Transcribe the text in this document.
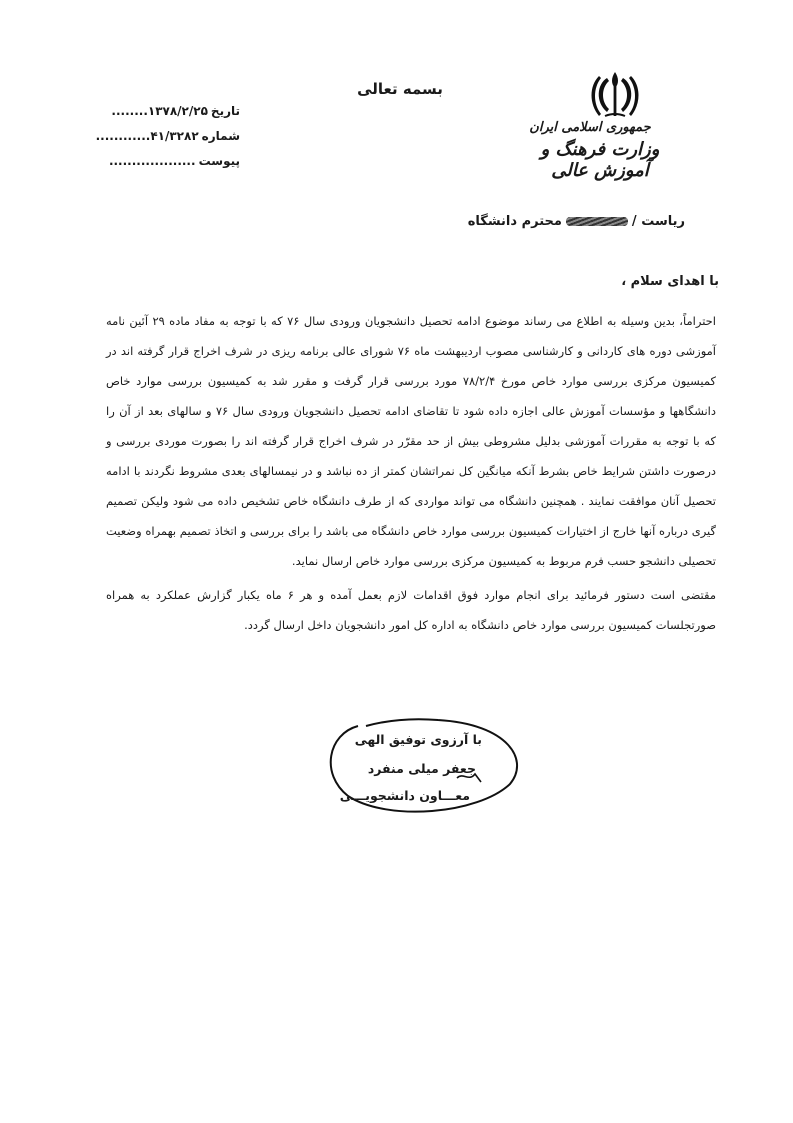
بسمه تعالی
تاریخ
۱۳۷۸/۲/۲۵........
شماره
۴۱/۳۲۸۲............
پیوست
...................
جمهوری اسلامی ایران
وزارت فرهنگ و آموزش عالی
ریاست /محترم دانشگاه
با اهدای سلام ،

احتراماً، بدین وسیله به اطلاع می رساند موضوع ادامه تحصیل دانشجویان ورودی سال ۷۶ که با توجه به مفاد ماده ۲۹ آئین نامه آموزشی دوره های کاردانی و کارشناسی مصوب اردیبهشت ماه ۷۶ شورای عالی برنامه ریزی در شرف اخراج قرار گرفته اند در کمیسیون مرکزی بررسی موارد خاص مورخ ۷۸/۲/۴ مورد بررسی قرار گرفت و مقرر شد به کمیسیون بررسی موارد خاص دانشگاهها و مؤسسات آموزش عالی اجازه داده شود تا تقاضای ادامه تحصیل دانشجویان ورودی سال ۷۶ و سالهای بعد از آن را که با توجه به مقررات آموزشی بدلیل مشروطی بیش از حد مقرّر در شرف اخراج قرار گرفته اند را بصورت موردی بررسی و درصورت داشتن شرایط خاص بشرط آنکه میانگین کل نمراتشان کمتر از ده نباشد و در نیمسالهای بعدی مشروط نگردند با ادامه تحصیل آنان موافقت نمایند . همچنین دانشگاه می تواند مواردی که از طرف دانشگاه خاص تشخیص داده می شود ولیکن تصمیم گیری درباره آنها خارج از اختیارات کمیسیون بررسی موارد خاص دانشگاه می باشد را برای بررسی و اتخاذ تصمیم بهمراه وضعیت تحصیلی دانشجو حسب فرم مربوط به کمیسیون مرکزی بررسی موارد خاص ارسال نماید.

مقتضی است دستور فرمائید برای انجام موارد فوق اقدامات لازم بعمل آمده و هر ۶ ماه یکبار گزارش عملکرد به همراه صورتجلسات کمیسیون بررسی موارد خاص دانشگاه به اداره کل امور دانشجویان داخل ارسال گردد.

با آرزوی توفیق الهی
جعفر میلی منفرد
معـــاون دانشجویـــی
